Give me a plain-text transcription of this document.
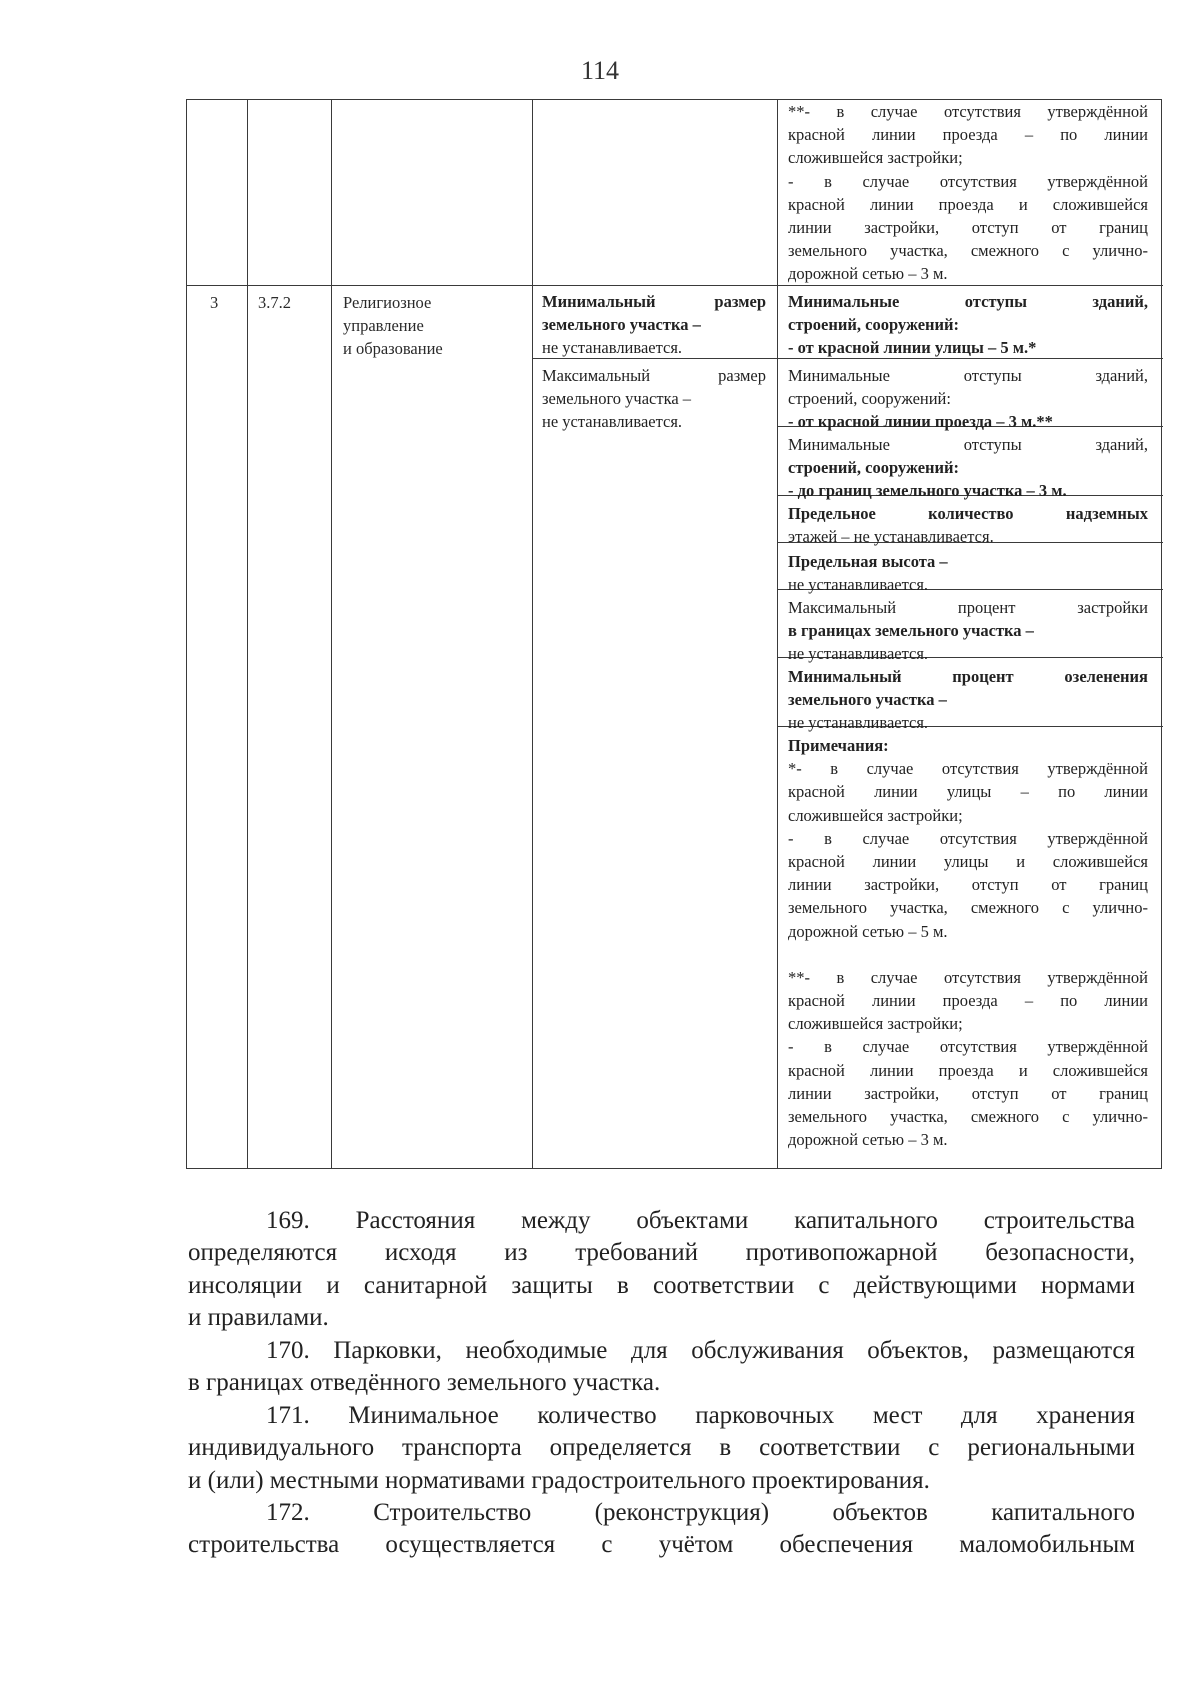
114
**- в случае отсутствия утверждённой
красной линии проезда – по линии
сложившейся застройки;
- в случае отсутствия утверждённой
красной линии проезда и сложившейся
линии застройки, отступ от границ
земельного участка, смежного с улично-
дорожной сетью – 3 м.
3 3.7.2	Религиозное
управление
и образование
Минимальный размер
земельного участка –
не устанавливается.
Максимальный размер
земельного участка –
не устанавливается.
Минимальные отступы зданий,
строений, сооружений:
- от красной линии улицы – 5 м.*
Минимальные отступы зданий,
строений, сооружений:
- от красной линии проезда – 3 м.**
Минимальные отступы зданий,
строений, сооружений:
- до границ земельного участка – 3 м.
Предельное количество надземных
этажей – не устанавливается.
Предельная высота –
не устанавливается.
Максимальный процент застройки
в границах земельного участка –
не устанавливается.
Минимальный процент озеленения
земельного участка –
не устанавливается.
Примечания:
*- в случае отсутствия утверждённой
красной линии улицы – по линии
сложившейся застройки;
- в случае отсутствия утверждённой
красной линии улицы и сложившейся
линии застройки, отступ от границ
земельного участка, смежного с улично-
дорожной сетью – 5 м.
**- в случае отсутствия утверждённой
красной линии проезда – по линии
сложившейся застройки;
- в случае отсутствия утверждённой
красной линии проезда и сложившейся
линии застройки, отступ от границ
земельного участка, смежного с улично-
дорожной сетью – 3 м.
169. Расстояния между объектами капитального строительства
определяются исходя из требований противопожарной безопасности,
инсоляции и санитарной защиты в соответствии с действующими нормами
и правилами.
170. Парковки, необходимые для обслуживания объектов, размещаются
в границах отведённого земельного участка.
171. Минимальное количество парковочных мест для хранения
индивидуального транспорта определяется в соответствии с региональными
и (или) местными нормативами градостроительного проектирования.
172. Строительство (реконструкция) объектов капитального
строительства осуществляется с учётом обеспечения маломобильным
